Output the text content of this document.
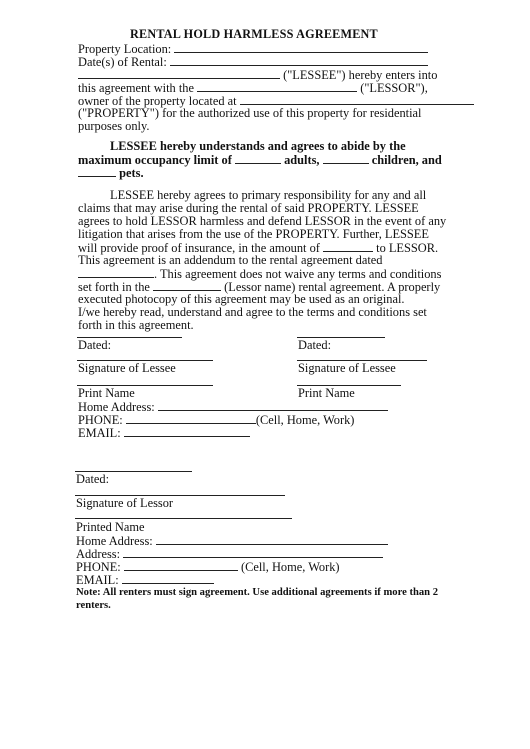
RENTAL HOLD HARMLESS AGREEMENT
Property Location:
Date(s) of Rental:
("LESSEE") hereby enters into
this agreement with the	("LESSOR"),
owner of the property located at
("PROPERTY") for the authorized use of this property for residential
purposes only.
LESSEE hereby understands and agrees to abide by the
maximum occupancy limit of	adults,	children, and
pets.
LESSEE hereby agrees to primary responsibility for any and all
claims that may arise during the rental of said PROPERTY. LESSEE
agrees to hold LESSOR harmless and defend LESSOR in the event of any
litigation that arises from the use of the PROPERTY. Further, LESSEE
will provide proof of insurance, in the amount of	to LESSOR.
This agreement is an addendum to the rental agreement dated
. This agreement does not waive any terms and conditions
set forth in the	(Lessor name) rental agreement. A properly
executed photocopy of this agreement may be used as an original.
I/we hereby read, understand and agree to the terms and conditions set
forth in this agreement.
Dated:	Dated:
Signature of Lessee	Signature of Lessee
Print Name	Print Name
Home Address:
PHONE:	(Cell, Home, Work)
EMAIL:
Dated:
Signature of Lessor
Printed Name
Home Address:
Address:
PHONE:	(Cell, Home, Work)
EMAIL:
Note: All renters must sign agreement. Use additional agreements if more than 2
renters.
